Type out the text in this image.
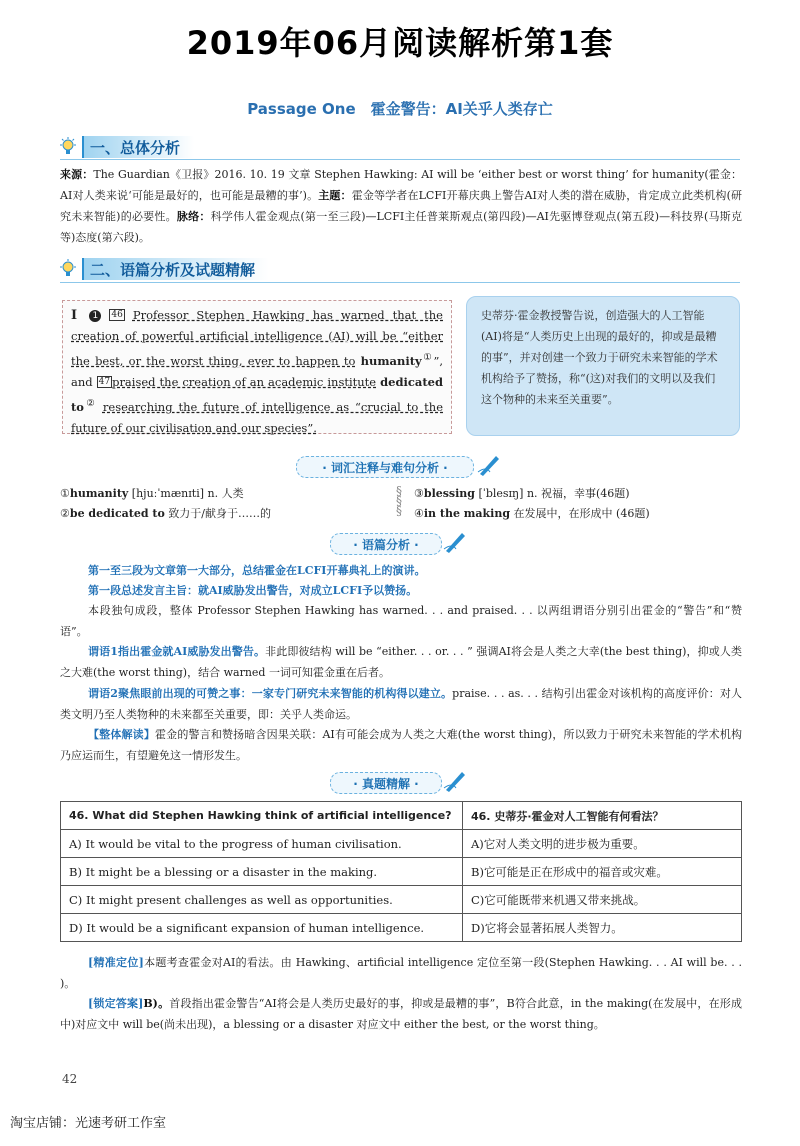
2019年06月阅读解析第1套
Passage One　霍金警告：AI关乎人类存亡
一、总体分析
来源：The Guardian《卫报》2016. 10. 19 文章 Stephen Hawking: AI will be ‘either best or worst thing’ for humanity(霍金：AI对人类来说‘可能是最好的，也可能是最糟的事’)。主题：霍金等学者在LCFI开幕庆典上警告AI对人类的潜在威胁，肯定成立此类机构(研究未来智能)的必要性。脉络：科学伟人霍金观点(第一至三段)—LCFI主任普莱斯观点(第四段)—AI先驱博登观点(第五段)—科技界(马斯克等)态度(第六段)。
二、语篇分析及试题精解
Ⅰ 1 46 Professor Stephen Hawking has warned that the creation of powerful artificial intelligence (AI) will be “either the best, or the worst thing, ever to happen to humanity①”, and 47 praised the creation of an academic institute dedicated to② researching the future of intelligence as “crucial to the future of our civilisation and our species”.
史蒂芬·霍金教授警告说，创造强大的人工智能(AI)将是“人类历史上出现的最好的，抑或是最糟的事”，并对创建一个致力于研究未来智能的学术机构给予了赞扬，称“(这)对我们的文明以及我们这个物种的未来至关重要”。
· 词汇注释与难句分析 ·
①humanity [hjuːˈmænɪti] n. 人类
②be dedicated to 致力于/献身于……的
§
§
§
③blessing [ˈblesɪŋ] n. 祝福，幸事(46题)
④in the making 在发展中，在形成中 (46题)
· 语篇分析 ·
第一至三段为文章第一大部分，总结霍金在LCFI开幕典礼上的演讲。
第一段总述发言主旨：就AI威胁发出警告，对成立LCFI予以赞扬。
本段独句成段，整体 Professor Stephen Hawking has warned. . . and praised. . . 以两组谓语分别引出霍金的“警告”和“赞语”。
谓语1指出霍金就AI威胁发出警告。非此即彼结构 will be “either. . . or. . . ” 强调AI将会是人类之大幸(the best thing)，抑或人类之大难(the worst thing)，结合 warned 一词可知霍金重在后者。
谓语2聚焦眼前出现的可赞之事：一家专门研究未来智能的机构得以建立。praise. . . as. . . 结构引出霍金对该机构的高度评价：对人类文明乃至人类物种的未来都至关重要，即：关乎人类命运。
【整体解读】霍金的警言和赞扬暗含因果关联：AI有可能会成为人类之大难(the worst thing)，所以致力于研究未来智能的学术机构乃应运而生，有望避免这一情形发生。
· 真题精解 ·
46. What did Stephen Hawking think of artificial intelligence?	46. 史蒂芬·霍金对人工智能有何看法？
A) It would be vital to the progress of human civilisation.	A)它对人类文明的进步极为重要。
B) It might be a blessing or a disaster in the making.	B)它可能是正在形成中的福音或灾难。
C) It might present challenges as well as opportunities.	C)它可能既带来机遇又带来挑战。
D) It would be a significant expansion of human intelligence.	D)它将会显著拓展人类智力。
[精准定位]本题考查霍金对AI的看法。由 Hawking、artificial intelligence 定位至第一段(Stephen Hawking. . . AI will be. . . )。
[锁定答案]B)。首段指出霍金警告“AI将会是人类历史最好的事，抑或是最糟的事”，B符合此意，in the making(在发展中，在形成中)对应文中 will be(尚未出现)，a blessing or a disaster 对应文中 either the best, or the worst thing。
42
淘宝店铺：光速考研工作室
